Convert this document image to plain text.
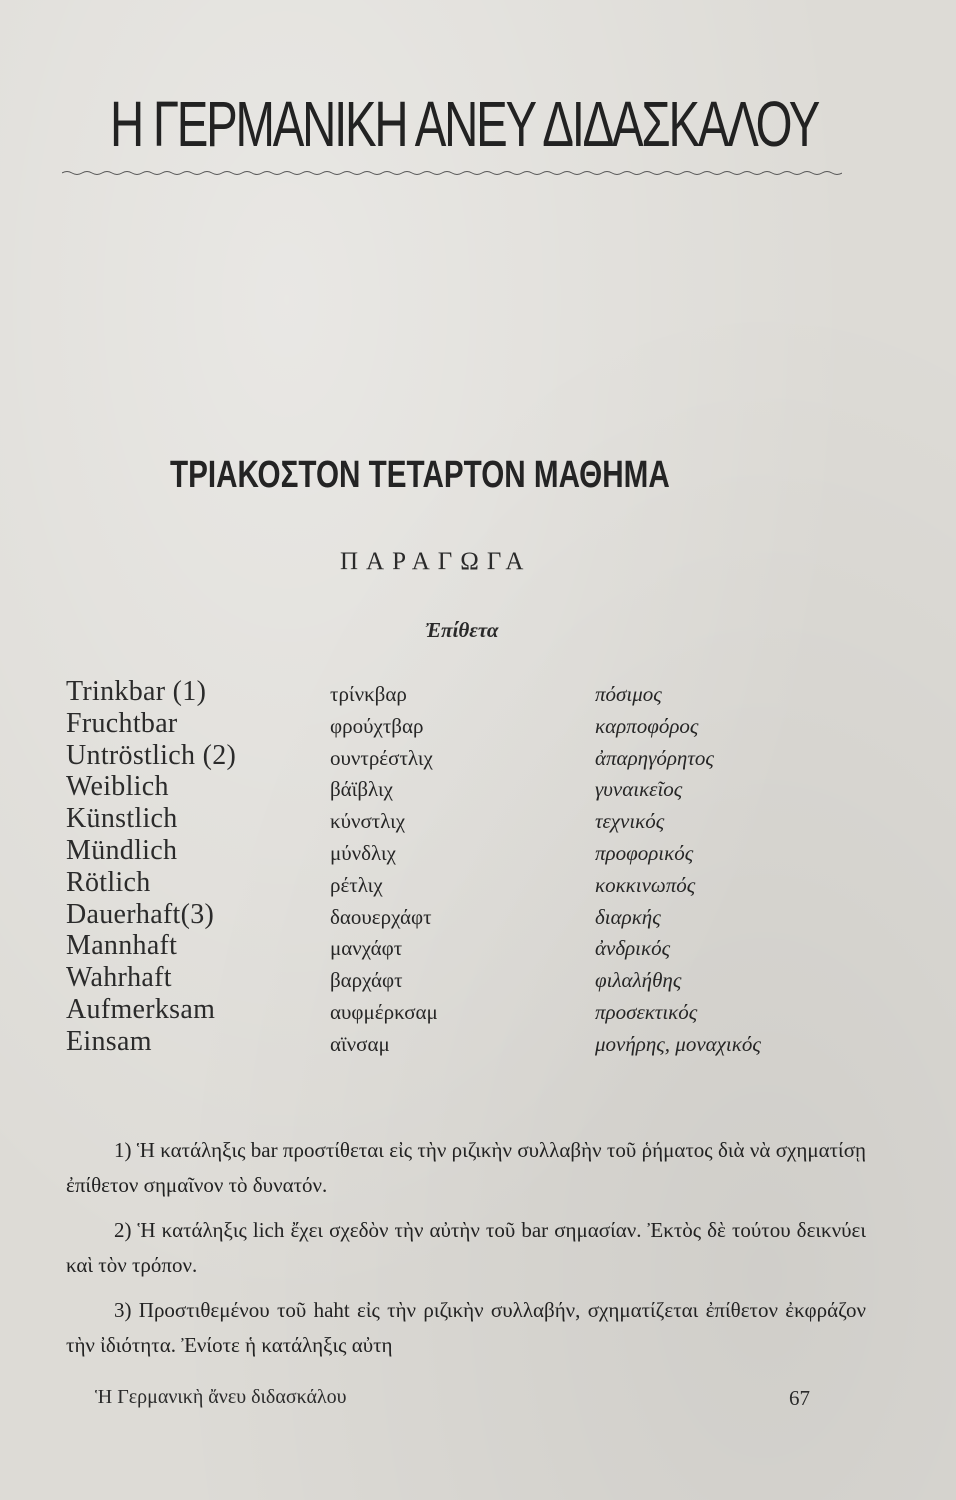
Η ΓΕΡΜΑΝΙΚΗ ΑΝΕΥ ΔΙΔΑΣΚΑΛΟΥ
ΤΡΙΑΚΟΣΤΟΝ ΤΕΤΑΡΤΟΝ ΜΑΘΗΜΑ
ΠΑΡΑΓΩΓΑ
Ἐπίθετα
Trinkbar (1)	τρίνκβαρ	πόσιμος
Fruchtbar	φρούχτβαρ	καρποφόρος
Untröstlich (2)	ουντρέστλιχ	ἀπαρηγόρητος
Weiblich	βάϊβλιχ	γυναικεῖος
Künstlich	κύνστλιχ	τεχνικός
Mündlich	μύνδλιχ	προφορικός
Rötlich	ρέτλιχ	κοκκινωπός
Dauerhaft(3)	δαουερχάφτ	διαρκής
Mannhaft	μανχάφτ	ἀνδρικός
Wahrhaft	βαρχάφτ	φιλαλήθης
Aufmerksam	αυφμέρκσαμ	προσεκτικός
Einsam	αϊνσαμ	μονήρης, μοναχικός

1) Ἡ κατάληξις bar προστίθεται εἰς τὴν ριζικὴν συλλαβὴν τοῦ ῥήματος διὰ νὰ σχηματίσῃ ἐπίθετον σημαῖνον τὸ δυνατόν.

2) Ἡ κατάληξις lich ἔχει σχεδὸν τὴν αὐτὴν τοῦ bar σημασίαν. Ἐκτὸς δὲ τούτου δεικνύει καὶ τὸν τρόπον.

3) Προστιθεμένου τοῦ haht εἰς τὴν ριζικὴν συλλαβήν, σχηματίζεται ἐπίθετον ἐκφράζον τὴν ἰδιότητα. Ἐνίοτε ἡ κατάληξις αὐτη

Ἡ Γερμανικὴ ἄνευ διδασκάλου	67
